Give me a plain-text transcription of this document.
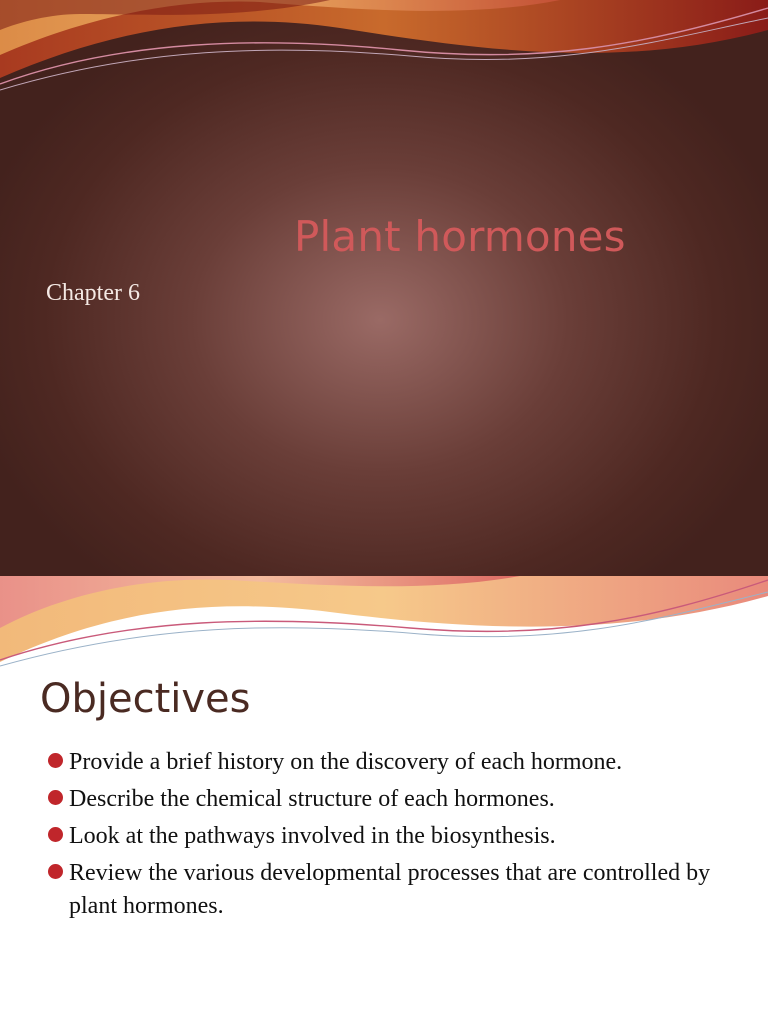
Plant hormones
Chapter 6
Objectives
Provide a brief history on the discovery of each hormone.
Describe the chemical structure of each hormones.
Look at the pathways involved in the biosynthesis.
Review the various developmental processes that are controlled by plant hormones.
